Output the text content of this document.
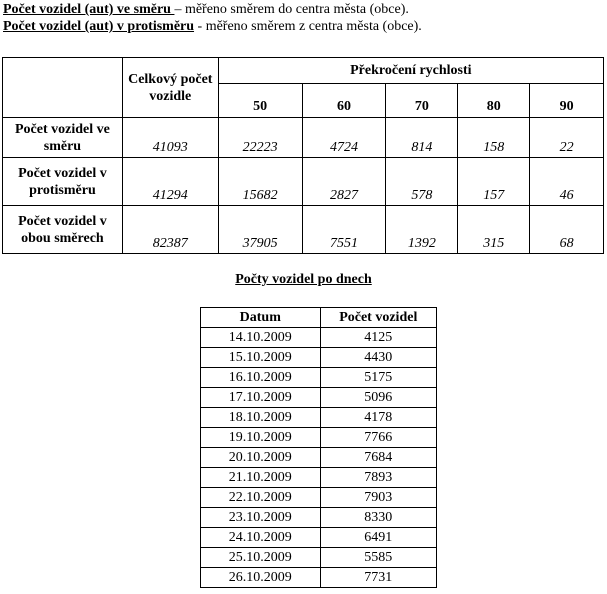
Počet vozidel (aut) ve směru – měřeno směrem do centra města (obce).
Počet vozidel (aut) v protisměru - měřeno směrem z centra města (obce).
	Celkový počet vozidle	Překročení rychlosti				
		50	60	70	80	90
Počet vozidel ve směru	41093	22223	4724	814	158	22
Počet vozidel v protisměru	41294	15682	2827	578	157	46
Počet vozidel v obou směrech	82387	37905	7551	1392	315	68
Počty vozidel po dnech
Datum	Počet vozidel
14.10.2009	4125
15.10.2009	4430
16.10.2009	5175
17.10.2009	5096
18.10.2009	4178
19.10.2009	7766
20.10.2009	7684
21.10.2009	7893
22.10.2009	7903
23.10.2009	8330
24.10.2009	6491
25.10.2009	5585
26.10.2009	7731
